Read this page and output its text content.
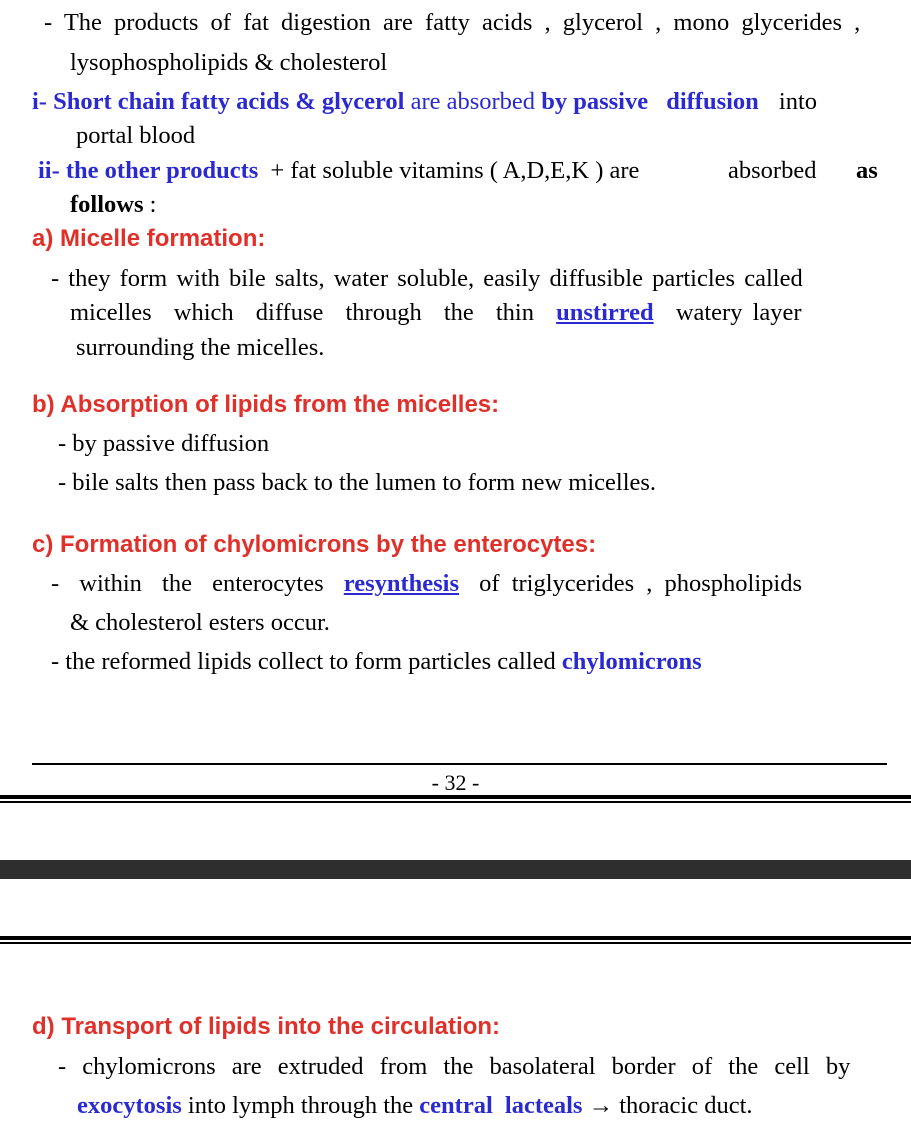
- The products of fat digestion are fatty acids , glycerol , mono glycerides ,
lysophospholipids & cholesterol
i- Short chain fatty acids & glycerol are absorbed by passive diffusion into
portal blood
ii- the other products + fat soluble vitamins ( A,D,E,K ) are	absorbed as
follows :
a) Micelle formation:
- they form with bile salts, water soluble, easily diffusible particles called
micelles which diffuse through the thin unstirred watery layer
surrounding the micelles.
b) Absorption of lipids from the micelles:
- by passive diffusion
- bile salts then pass back to the lumen to form new micelles.
c) Formation of chylomicrons by the enterocytes:
- within the enterocytes resynthesis of triglycerides , phospholipids
& cholesterol esters occur.
- the reformed lipids collect to form particles called chylomicrons
- 32 -
d) Transport of lipids into the circulation:
- chylomicrons are extruded from the basolateral border of the cell by
exocytosis into lymph through the central lacteals → thoracic duct.
